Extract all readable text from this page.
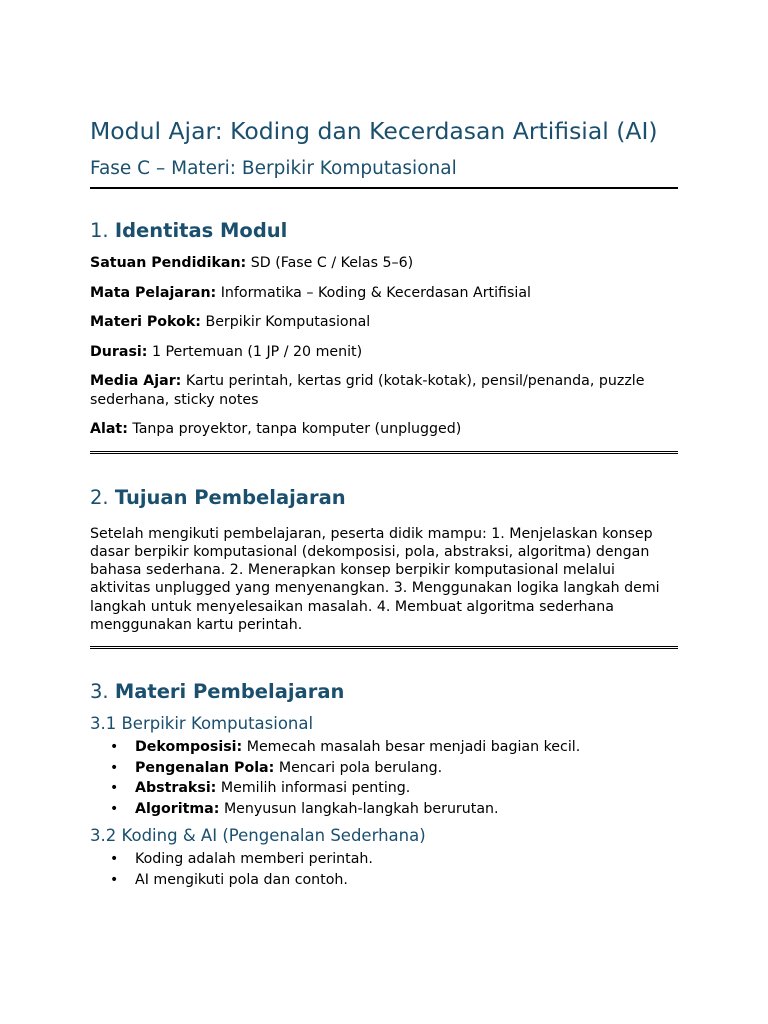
Modul Ajar: Koding dan Kecerdasan Artifisial (AI)
Fase C – Materi: Berpikir Komputasional
1. Identitas Modul

Satuan Pendidikan: SD (Fase C / Kelas 5–6)

Mata Pelajaran: Informatika – Koding & Kecerdasan Artifisial

Materi Pokok: Berpikir Komputasional

Durasi: 1 Pertemuan (1 JP / 20 menit)

Media Ajar: Kartu perintah, kertas grid (kotak-kotak), pensil/penanda, puzzle sederhana, sticky notes

Alat: Tanpa proyektor, tanpa komputer (unplugged)

2. Tujuan Pembelajaran

Setelah mengikuti pembelajaran, peserta didik mampu: 1. Menjelaskan konsep dasar berpikir komputasional (dekomposisi, pola, abstraksi, algoritma) dengan bahasa sederhana. 2. Menerapkan konsep berpikir komputasional melalui aktivitas unplugged yang menyenangkan. 3. Menggunakan logika langkah demi langkah untuk menyelesaikan masalah. 4. Membuat algoritma sederhana menggunakan kartu perintah.

3. Materi Pembelajaran
3.1 Berpikir Komputasional
• Dekomposisi: Memecah masalah besar menjadi bagian kecil.
• Pengenalan Pola: Mencari pola berulang.
• Abstraksi: Memilih informasi penting.
• Algoritma: Menyusun langkah-langkah berurutan.
3.2 Koding & AI (Pengenalan Sederhana)
• Koding adalah memberi perintah.
• AI mengikuti pola dan contoh.
